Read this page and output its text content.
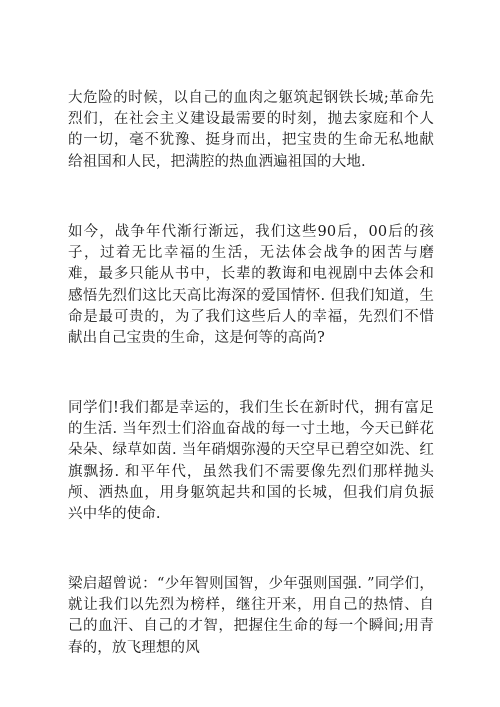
大危险的时候，以自己的血肉之躯筑起钢铁长城;革命先烈们，在社会主义建设最需要的时刻，抛去家庭和个人的一切，毫不犹豫、挺身而出，把宝贵的生命无私地献给祖国和人民，把满腔的热血洒遍祖国的大地.

如今，战争年代渐行渐远，我们这些90后，00后的孩子，过着无比幸福的生活，无法体会战争的困苦与磨难，最多只能从书中，长辈的教诲和电视剧中去体会和感悟先烈们这比天高比海深的爱国情怀. 但我们知道，生命是最可贵的，为了我们这些后人的幸福，先烈们不惜献出自己宝贵的生命，这是何等的高尚?

同学们!我们都是幸运的，我们生长在新时代，拥有富足的生活. 当年烈士们浴血奋战的每一寸土地，今天已鲜花朵朵、绿草如茵. 当年硝烟弥漫的天空早已碧空如洗、红旗飘扬. 和平年代，虽然我们不需要像先烈们那样抛头颅、洒热血，用身躯筑起共和国的长城，但我们肩负振兴中华的使命.

梁启超曾说：“少年智则国智，少年强则国强. ”同学们，就让我们以先烈为榜样，继往开来，用自己的热情、自己的血汗、自己的才智，把握住生命的每一个瞬间;用青春的，放飞理想的风
